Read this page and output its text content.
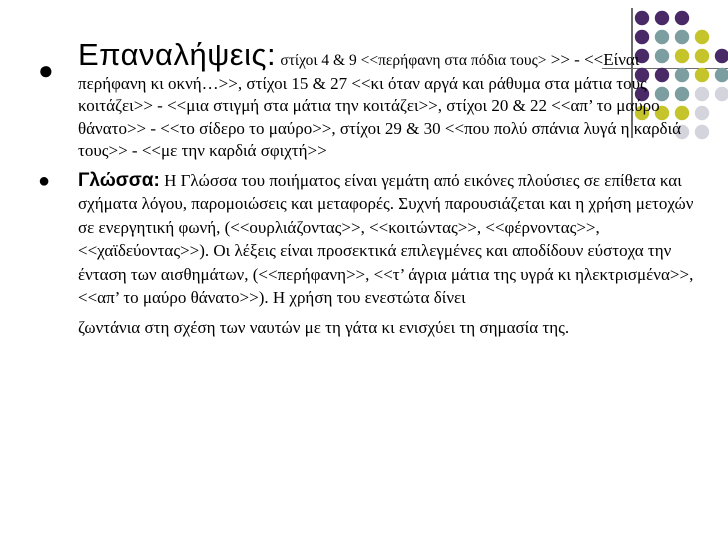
● Επαναλήψεις: στίχοι 4 & 9 <<περήφανη στα πόδια τους> >> - <<Είναι περήφανη κι οκνή…>>, στίχοι 15 & 27 <<κι όταν αργά και ράθυμα στα μάτια τους κοιτάζει>> - <<μια στιγμή στα μάτια την κοιτάζει>>, στίχοι 20 & 22 <<απ’ το μαύρο θάνατο>> - <<το σίδερο το μαύρο>>, στίχοι 29 & 30 <<που πολύ σπάνια λυγά η καρδιά τους>> - <<με την καρδιά σφιχτή>>
● Γλώσσα: Η Γλώσσα του ποιήματος είναι γεμάτη από εικόνες πλούσιες σε επίθετα και σχήματα λόγου, παρομοιώσεις και μεταφορές. Συχνή παρουσιάζεται και η χρήση μετοχών σε ενεργητική φωνή, (<<ουρλιάζοντας>>, <<κοιτώντας>>, <<φέρνοντας>>, <<χαϊδεύοντας>>). Οι λέξεις είναι προσεκτικά επιλεγμένες και αποδίδουν εύστοχα την ένταση των αισθημάτων, (<<περήφανη>>, <<τ’ άγρια μάτια της υγρά κι ηλεκτρισμένα>>, <<απ’ το μαύρο θάνατο>>). Η χρήση του ενεστώτα δίνει
ζωντάνια στη σχέση των ναυτών με τη γάτα κι ενισχύει τη σημασία της.
